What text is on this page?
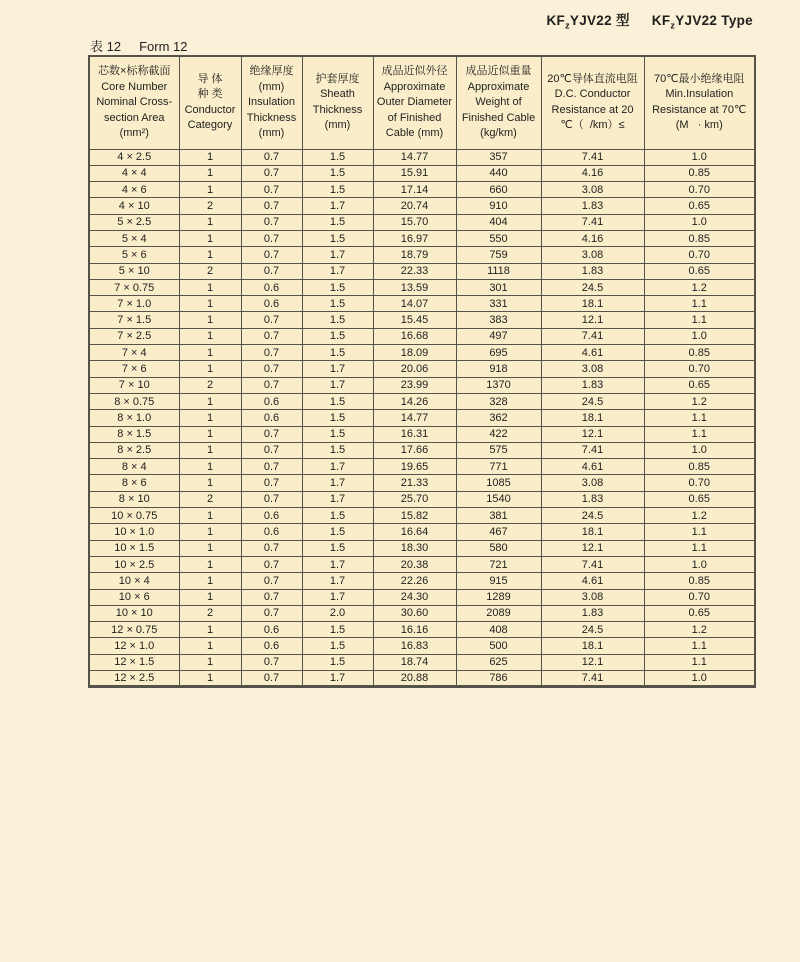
$KF_zYJV22$ 型 $KF_zYJV22$ Type
表 12 Form 12
芯数×标称截面
Core Number
Nominal Cross-
section Area
(mm²)

导 体
种 类
Conductor
Category

绝缘厚度
(mm)
Insulation
Thickness
(mm)

护套厚度
Sheath
Thickness
(mm)

成品近似外径
Approximate
Outer Diameter
of Finished
Cable (mm)

成品近似重量
Approximate
Weight of
Finished Cable
(kg/km)

20℃导体直流电阻
D.C. Conductor
Resistance at 20
℃（  /km）≤

70℃最小绝缘电阻
Min.Insulation
Resistance at 70℃
(M   · km)

4 × 2.5	1	0.7	1.5	14.77	357	7.41	1.0
4 × 4	1	0.7	1.5	15.91	440	4.16	0.85
4 × 6	1	0.7	1.5	17.14	660	3.08	0.70
4 × 10	2	0.7	1.7	20.74	910	1.83	0.65
5 × 2.5	1	0.7	1.5	15.70	404	7.41	1.0
5 × 4	1	0.7	1.5	16.97	550	4.16	0.85
5 × 6	1	0.7	1.7	18.79	759	3.08	0.70
5 × 10	2	0.7	1.7	22.33	1118	1.83	0.65
7 × 0.75	1	0.6	1.5	13.59	301	24.5	1.2
7 × 1.0	1	0.6	1.5	14.07	331	18.1	1.1
7 × 1.5	1	0.7	1.5	15.45	383	12.1	1.1
7 × 2.5	1	0.7	1.5	16.68	497	7.41	1.0
7 × 4	1	0.7	1.5	18.09	695	4.61	0.85
7 × 6	1	0.7	1.7	20.06	918	3.08	0.70
7 × 10	2	0.7	1.7	23.99	1370	1.83	0.65
8 × 0.75	1	0.6	1.5	14.26	328	24.5	1.2
8 × 1.0	1	0.6	1.5	14.77	362	18.1	1.1
8 × 1.5	1	0.7	1.5	16.31	422	12.1	1.1
8 × 2.5	1	0.7	1.5	17.66	575	7.41	1.0
8 × 4	1	0.7	1.7	19.65	771	4.61	0.85
8 × 6	1	0.7	1.7	21.33	1085	3.08	0.70
8 × 10	2	0.7	1.7	25.70	1540	1.83	0.65
10 × 0.75	1	0.6	1.5	15.82	381	24.5	1.2
10 × 1.0	1	0.6	1.5	16.64	467	18.1	1.1
10 × 1.5	1	0.7	1.5	18.30	580	12.1	1.1
10 × 2.5	1	0.7	1.7	20.38	721	7.41	1.0
10 × 4	1	0.7	1.7	22.26	915	4.61	0.85
10 × 6	1	0.7	1.7	24.30	1289	3.08	0.70
10 × 10	2	0.7	2.0	30.60	2089	1.83	0.65
12 × 0.75	1	0.6	1.5	16.16	408	24.5	1.2
12 × 1.0	1	0.6	1.5	16.83	500	18.1	1.1
12 × 1.5	1	0.7	1.5	18.74	625	12.1	1.1
12 × 2.5	1	0.7	1.7	20.88	786	7.41	1.0
